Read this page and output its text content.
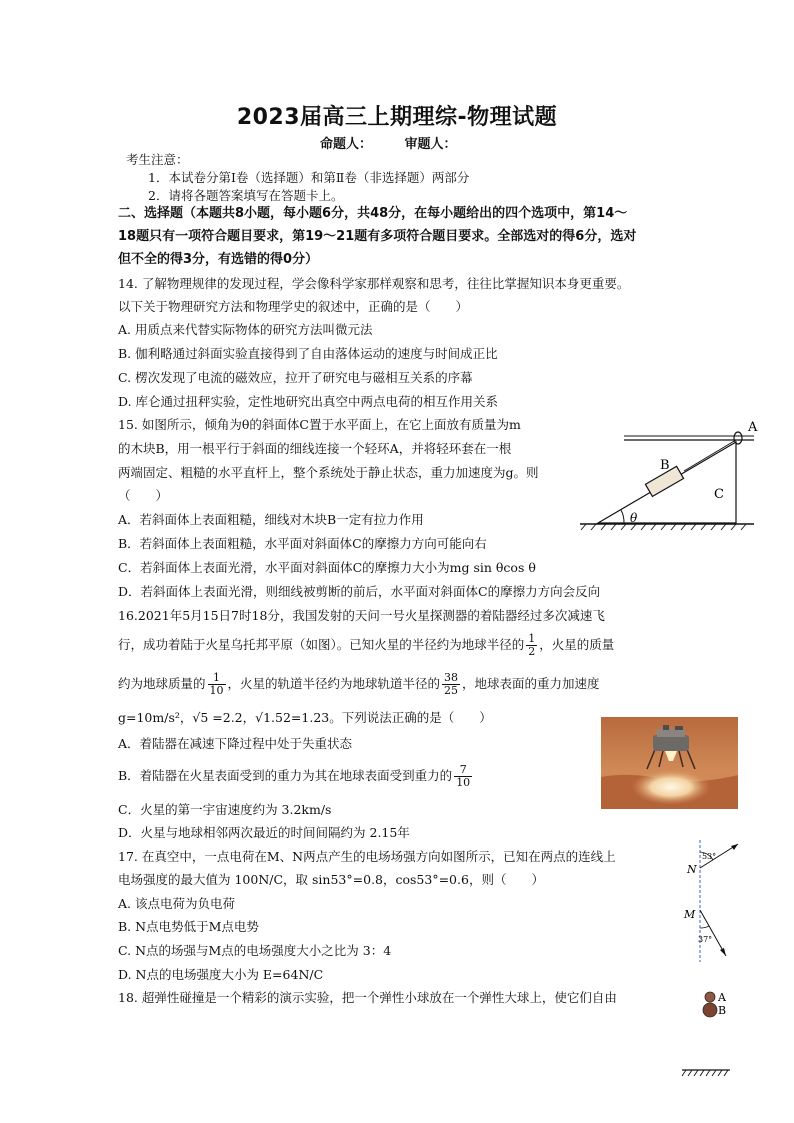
2023届高三上期理综-物理试题
命题人：	审题人：
考生注意：
1．本试卷分第Ⅰ卷（选择题）和第Ⅱ卷（非选择题）两部分
2．请将各题答案填写在答题卡上。
二、选择题（本题共8小题，每小题6分，共48分，在每小题给出的四个选项中，第14～
18题只有一项符合题目要求，第19～21题有多项符合题目要求。全部选对的得6分，选对
但不全的得3分，有选错的得0分）
14. 了解物理规律的发现过程，学会像科学家那样观察和思考，往往比掌握知识本身更重要。
以下关于物理研究方法和物理学史的叙述中，正确的是（　　）
A. 用质点来代替实际物体的研究方法叫微元法
B. 伽利略通过斜面实验直接得到了自由落体运动的速度与时间成正比
C. 楞次发现了电流的磁效应，拉开了研究电与磁相互关系的序幕
D. 库仑通过扭秤实验，定性地研究出真空中两点电荷的相互作用关系
15. 如图所示，倾角为θ的斜面体C置于水平面上，在它上面放有质量为m
的木块B，用一根平行于斜面的细线连接一个轻环A，并将轻环套在一根
两端固定、粗糙的水平直杆上，整个系统处于静止状态，重力加速度为g。则
（　　）
A．若斜面体上表面粗糙，细线对木块B一定有拉力作用
B．若斜面体上表面粗糙，水平面对斜面体C的摩擦力方向可能向右
C．若斜面体上表面光滑，水平面对斜面体C的摩擦力大小为mg sin θcos θ
D．若斜面体上表面光滑，则细线被剪断的前后，水平面对斜面体C的摩擦力方向会反向
A
B
C
θ
16.2021年5月15日7时18分，我国发射的天问一号火星探测器的着陆器经过多次减速飞
行，成功着陆于火星乌托邦平原（如图）。已知火星的半径约为地球半径的 $\frac{1}{2}$ ，火星的质量
约为地球质量的 $\frac{1}{10}$ ，火星的轨道半径约为地球轨道半径的 $\frac{38}{25}$ ，地球表面的重力加速度
g=10m/s²，√5 =2.2，√1.52=1.23。下列说法正确的是（　　）
A．着陆器在减速下降过程中处于失重状态
B．着陆器在火星表面受到的重力为其在地球表面受到重力的 $\frac{7}{10}$
C．火星的第一宇宙速度约为 3.2km/s
D．火星与地球相邻两次最近的时间间隔约为 2.15年
17. 在真空中，一点电荷在M、N两点产生的电场场强方向如图所示，已知在两点的连线上
电场强度的最大值为 100N/C，取 sin53°=0.8，cos53°=0.6，则（　　）
A. 该点电荷为负电荷
B. N点电势低于M点电势
C. N点的场强与M点的电场强度大小之比为 3：4
D. N点的电场强度大小为 E=64N/C
N
53°
M
37°
18. 超弹性碰撞是一个精彩的演示实验，把一个弹性小球放在一个弹性大球上，使它们自由	A
B
